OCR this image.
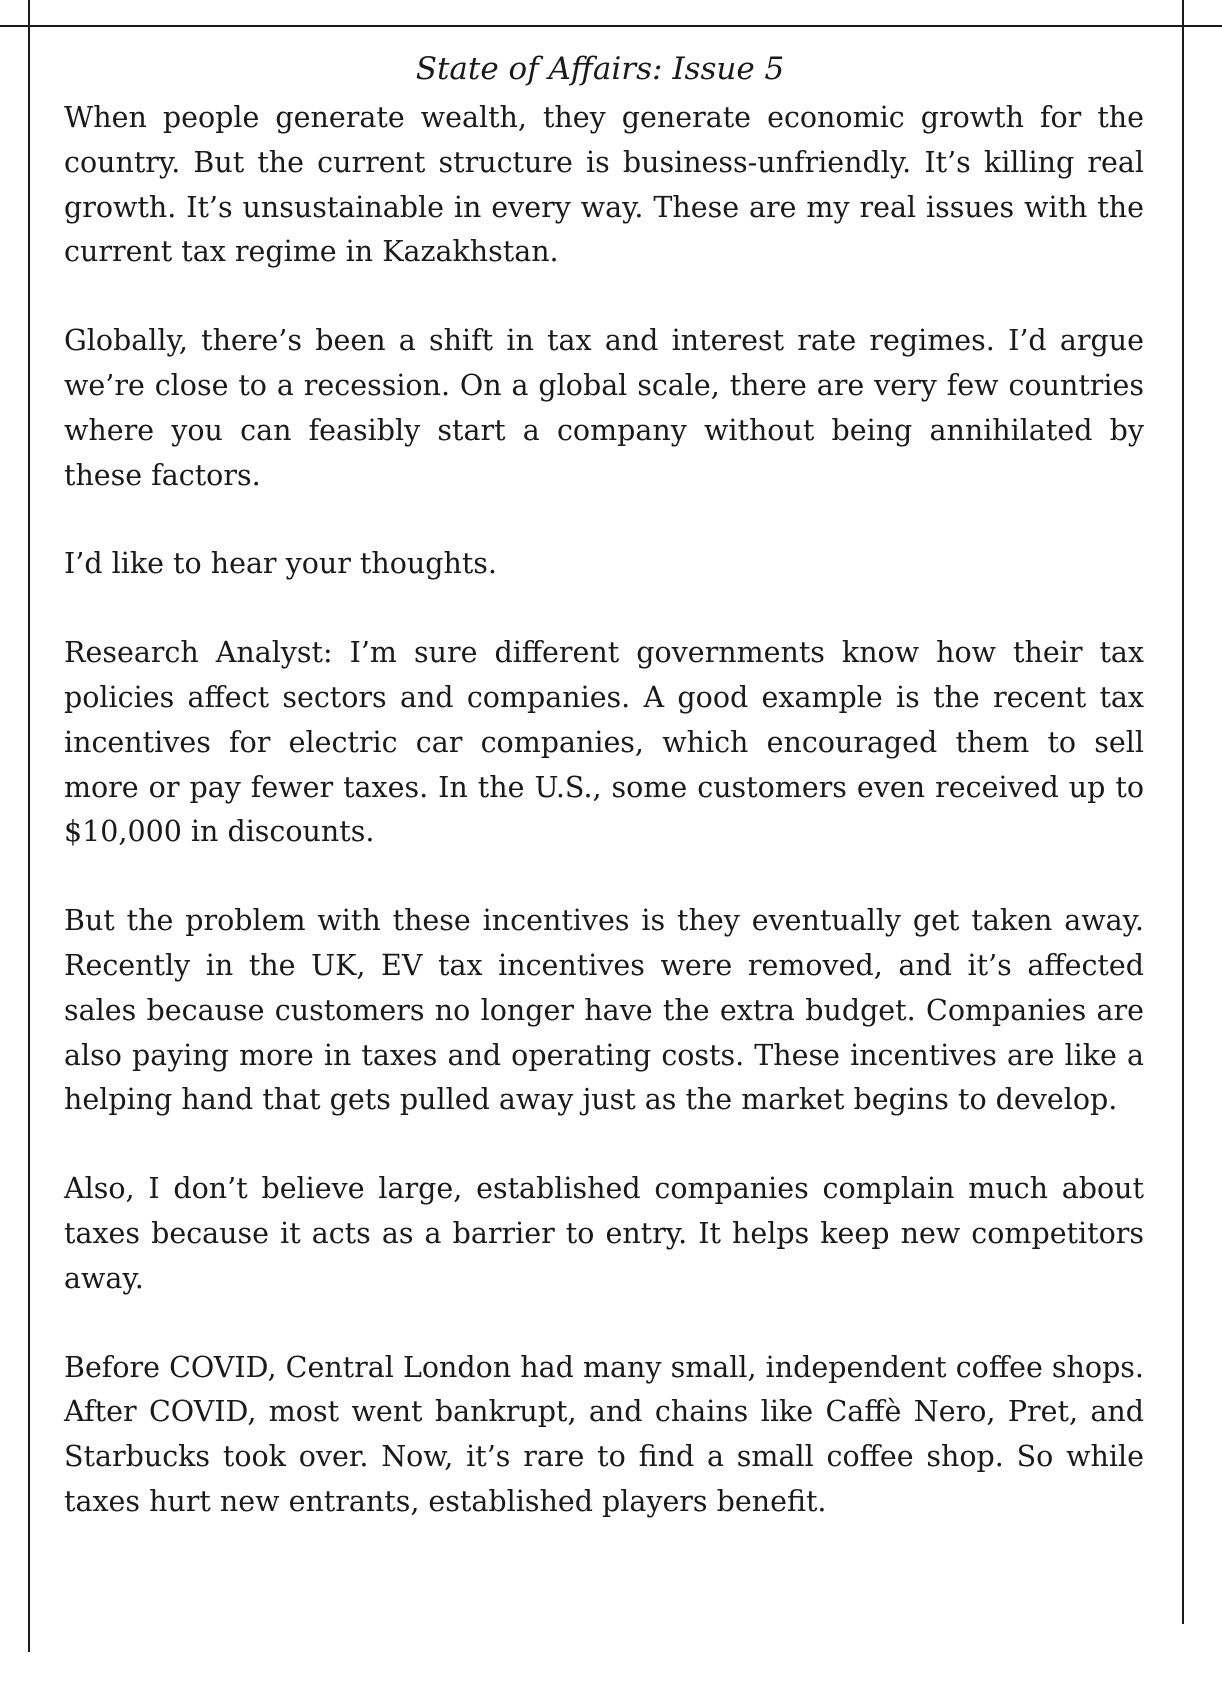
State of Affairs: Issue 5

When people generate wealth, they generate economic growth for the country. But the current structure is business-unfriendly. It’s killing real growth. It’s unsustainable in every way. These are my real issues with the current tax regime in Kazakhstan.

Globally, there’s been a shift in tax and interest rate regimes. I’d argue we’re close to a recession. On a global scale, there are very few countries where you can feasibly start a company without being annihilated by these factors.

I’d like to hear your thoughts.

Research Analyst: I’m sure different governments know how their tax policies affect sectors and companies. A good example is the recent tax incentives for electric car companies, which encouraged them to sell more or pay fewer taxes. In the U.S., some customers even received up to $10,000 in discounts.

But the problem with these incentives is they eventually get taken away. Recently in the UK, EV tax incentives were removed, and it’s affected sales because customers no longer have the extra budget. Companies are also paying more in taxes and operating costs. These incentives are like a helping hand that gets pulled away just as the market begins to develop.

Also, I don’t believe large, established companies complain much about taxes because it acts as a barrier to entry. It helps keep new competitors away.

Before COVID, Central London had many small, independent coffee shops. After COVID, most went bankrupt, and chains like Caffè Nero, Pret, and Starbucks took over. Now, it’s rare to find a small coffee shop. So while taxes hurt new entrants, established players benefit.
